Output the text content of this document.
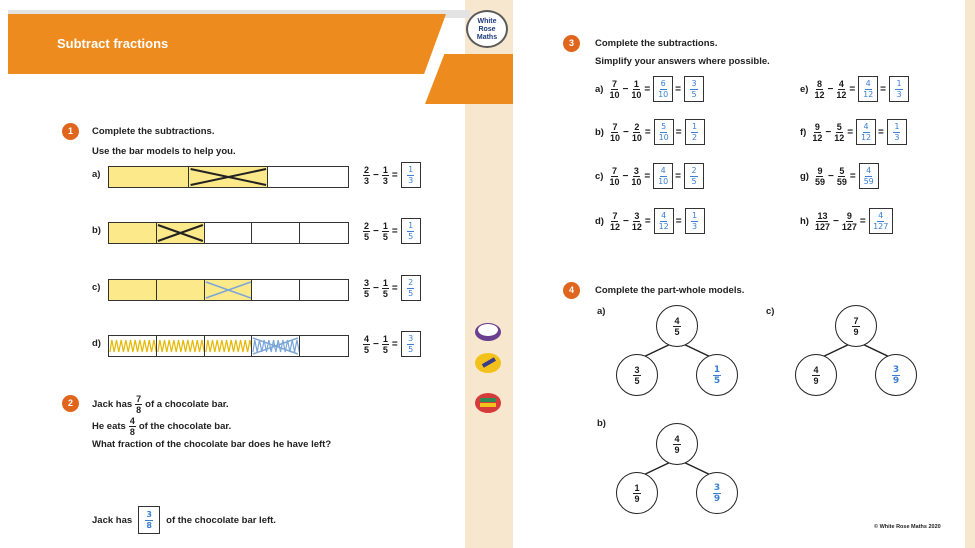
Subtract fractions
White
Rose
Maths
1	Complete the subtractions.
Use the bar models to help you.
a)	$\frac{2}{3} - \frac{1}{3} = \frac{1}{3}$
b)	$\frac{2}{5} - \frac{1}{5} = \frac{1}{5}$
c)	$\frac{3}{5} - \frac{1}{5} = \frac{2}{5}$
d)	$\frac{4}{5} - \frac{1}{5} = \frac{3}{5}$
2	Jack has $\frac{7}{8}$ of a chocolate bar.
He eats $\frac{4}{8}$ of the chocolate bar.
What fraction of the chocolate bar does he have left?
Jack has $\frac{3}{8}$ of the chocolate bar left.
3	Complete the subtractions.
Simplify your answers where possible.
$a) \frac{7}{10} - \frac{1}{10} = \frac{6}{10} = \frac{3}{5}$
$b) \frac{7}{10} - \frac{2}{10} = \frac{5}{10} = \frac{1}{2}$
$c) \frac{7}{10} - \frac{3}{10} = \frac{4}{10} = \frac{2}{5}$
$d) \frac{7}{12} - \frac{3}{12} = \frac{4}{12} = \frac{1}{3}$
$e) \frac{8}{12} - \frac{4}{12} = \frac{4}{12} = \frac{1}{3}$
$f) \frac{9}{12} - \frac{5}{12} = \frac{4}{12} = \frac{1}{3}$
$g) \frac{9}{59} - \frac{5}{59} = \frac{4}{59}$
$h) \frac{13}{127} - \frac{9}{127} = \frac{4}{127}$
4	Complete the part-whole models.
a)
$\frac{4}{5}$
$\frac{3}{5}$	$\frac{1}{5}$
b)
$\frac{4}{9}$
$\frac{1}{9}$	$\frac{3}{9}$
c)
$\frac{7}{9}$
$\frac{4}{9}$	$\frac{3}{9}$
© White Rose Maths 2020
